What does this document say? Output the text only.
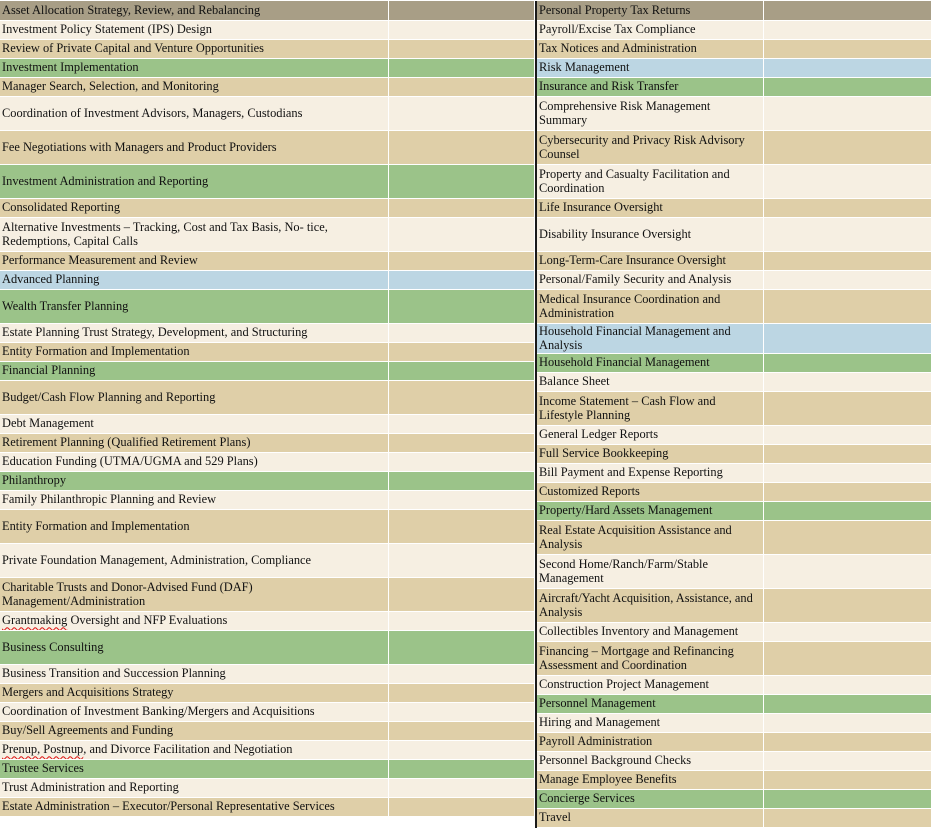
Asset Allocation Strategy, Review, and Rebalancing	
Investment Policy Statement (IPS) Design	
Review of Private Capital and Venture Opportunities	
Investment Implementation	
Manager Search, Selection, and Monitoring	
Coordination of Investment Advisors, Managers, Custodians	
Fee Negotiations with Managers and Product Providers	
Investment Administration and Reporting	
Consolidated Reporting	
Alternative Investments – Tracking, Cost and Tax Basis, No- tice, Redemptions, Capital Calls	
Performance Measurement and Review	
Advanced Planning	
Wealth Transfer Planning	
Estate Planning Trust Strategy, Development, and Structuring	
Entity Formation and Implementation	
Financial Planning	
Budget/Cash Flow Planning and Reporting	
Debt Management	
Retirement Planning (Qualified Retirement Plans)	
Education Funding (UTMA/UGMA and 529 Plans)	
Philanthropy	
Family Philanthropic Planning and Review	
Entity Formation and Implementation	
Private Foundation Management, Administration, Compliance	
Charitable Trusts and Donor-Advised Fund (DAF) Management/Administration	
Grantmaking Oversight and NFP Evaluations	
Business Consulting	
Business Transition and Succession Planning	
Mergers and Acquisitions Strategy	
Coordination of Investment Banking/Mergers and Acquisitions	
Buy/Sell Agreements and Funding	
Prenup, Postnup, and Divorce Facilitation and Negotiation	
Trustee Services	
Trust Administration and Reporting	
Estate Administration – Executor/Personal Representative Services	
Personal Property Tax Returns	
Payroll/Excise Tax Compliance	
Tax Notices and Administration	
Risk Management	
Insurance and Risk Transfer	
Comprehensive Risk Management Summary	
Cybersecurity and Privacy Risk Advisory Counsel	
Property and Casualty Facilitation and Coordination	
Life Insurance Oversight	
Disability Insurance Oversight	
Long-Term-Care Insurance Oversight	
Personal/Family Security and Analysis	
Medical Insurance Coordination and Administration	
Household Financial Management and Analysis	
Household Financial Management	
Balance Sheet	
Income Statement – Cash Flow and Lifestyle Planning	
General Ledger Reports	
Full Service Bookkeeping	
Bill Payment and Expense Reporting	
Customized Reports	
Property/Hard Assets Management	
Real Estate Acquisition Assistance and Analysis	
Second Home/Ranch/Farm/Stable Management	
Aircraft/Yacht Acquisition, Assistance, and Analysis	
Collectibles Inventory and Management	
Financing – Mortgage and Refinancing Assessment and Coordination	
Construction Project Management	
Personnel Management	
Hiring and Management	
Payroll Administration	
Personnel Background Checks	
Manage Employee Benefits	
Concierge Services	
Travel	
